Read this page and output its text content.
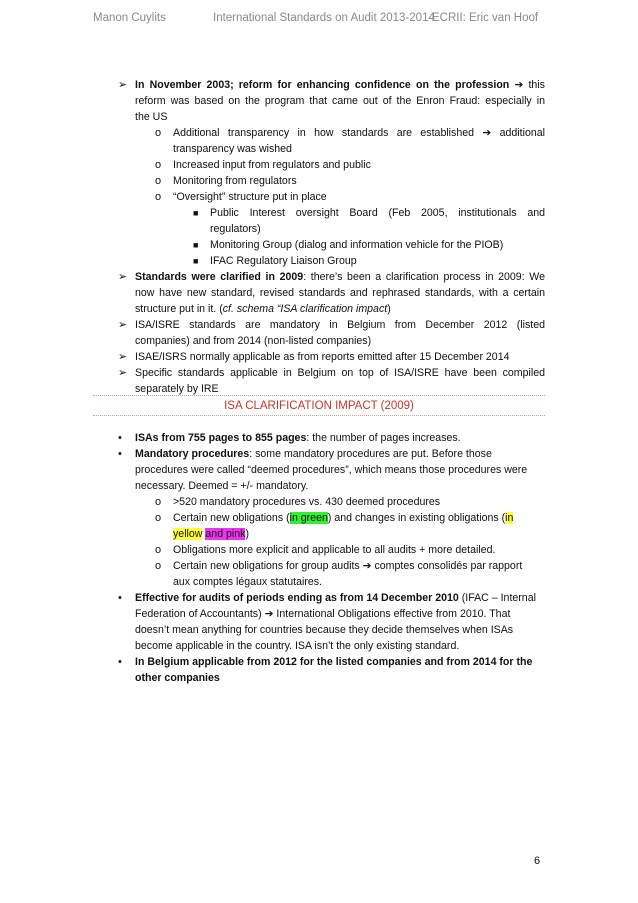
Manon Cuylits	International Standards on Audit 2013-2014
ECRII: Eric van Hoof
➢ In November 2003; reform for enhancing confidence on the profession ➔ this
reform was based on the program that came out of the Enron Fraud: especially in
the US
o Additional transparency in how standards are established ➔ additional
transparency was wished
o Increased input from regulators and public
o Monitoring from regulators
o “Oversight” structure put in place
■ Public Interest oversight Board (Feb 2005, institutionals and
regulators)
■ Monitoring Group (dialog and information vehicle for the PIOB)
■ IFAC Regulatory Liaison Group
➢ Standards were clarified in 2009: there’s been a clarification process in 2009: We
now have new standard, revised standards and rephrased standards, with a certain
structure put in it. (cf. schema “ISA clarification impact)
➢ ISA/ISRE standards are mandatory in Belgium from December 2012 (listed
companies) and from 2014 (non-listed companies)
➢ ISAE/ISRS normally applicable as from reports emitted after 15 December 2014
➢ Specific standards applicable in Belgium on top of ISA/ISRE have been compiled
separately by IRE
ISA CLARIFICATION IMPACT (2009)
• ISAs from 755 pages to 855 pages: the number of pages increases.
• Mandatory procedures: some mandatory procedures are put. Before those
procedures were called “deemed procedures”, which means those procedures were
necessary. Deemed = +/- mandatory.
o >520 mandatory procedures vs. 430 deemed procedures
o Certain new obligations (in green) and changes in existing obligations (in
yellow and pink)
o Obligations more explicit and applicable to all audits + more detailed.
o Certain new obligations for group audits ➔ comptes consolidés par rapport
aux comptes légaux statutaires.
• Effective for audits of periods ending as from 14 December 2010 (IFAC – Internal
Federation of Accountants) ➔ International Obligations effective from 2010. That
doesn’t mean anything for countries because they decide themselves when ISAs
become applicable in the country. ISA isn’t the only existing standard.
• In Belgium applicable from 2012 for the listed companies and from 2014 for the
other companies
6
